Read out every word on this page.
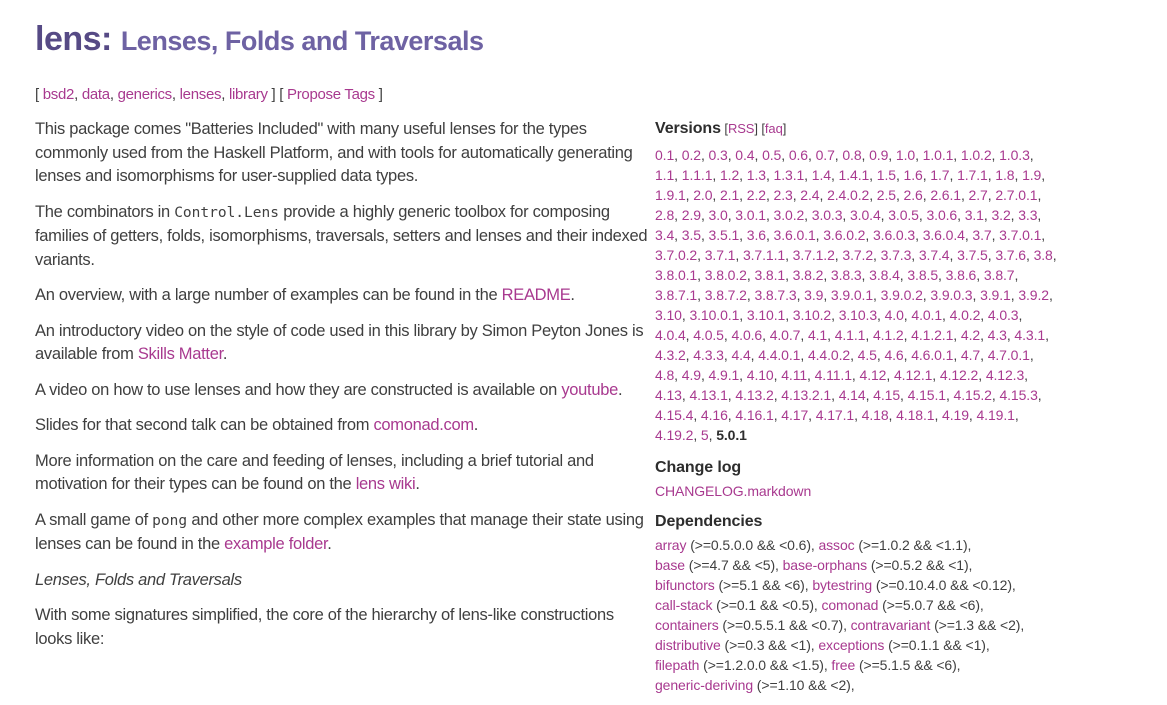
lens: Lenses, Folds and Traversals
[ bsd2, data, generics, lenses, library ] [ Propose Tags ]

This package comes "Batteries Included" with many useful lenses for the types commonly used from the Haskell Platform, and with tools for automatically generating lenses and isomorphisms for user-supplied data types.

The combinators in Control.Lens provide a highly generic toolbox for composing families of getters, folds, isomorphisms, traversals, setters and lenses and their indexed variants.

An overview, with a large number of examples can be found in the README.

An introductory video on the style of code used in this library by Simon Peyton Jones is available from Skills Matter.

A video on how to use lenses and how they are constructed is available on youtube.

Slides for that second talk can be obtained from comonad.com.

More information on the care and feeding of lenses, including a brief tutorial and motivation for their types can be found on the lens wiki.

A small game of pong and other more complex examples that manage their state using lenses can be found in the example folder.

Lenses, Folds and Traversals

With some signatures simplified, the core of the hierarchy of lens-like constructions looks like:

Versions [RSS] [faq]
0.1, 0.2, 0.3, 0.4, 0.5, 0.6, 0.7, 0.8, 0.9, 1.0, 1.0.1, 1.0.2, 1.0.3, 1.1, 1.1.1, 1.2, 1.3, 1.3.1, 1.4, 1.4.1, 1.5, 1.6, 1.7, 1.7.1, 1.8, 1.9, 1.9.1, 2.0, 2.1, 2.2, 2.3, 2.4, 2.4.0.2, 2.5, 2.6, 2.6.1, 2.7, 2.7.0.1, 2.8, 2.9, 3.0, 3.0.1, 3.0.2, 3.0.3, 3.0.4, 3.0.5, 3.0.6, 3.1, 3.2, 3.3, 3.4, 3.5, 3.5.1, 3.6, 3.6.0.1, 3.6.0.2, 3.6.0.3, 3.6.0.4, 3.7, 3.7.0.1, 3.7.0.2, 3.7.1, 3.7.1.1, 3.7.1.2, 3.7.2, 3.7.3, 3.7.4, 3.7.5, 3.7.6, 3.8, 3.8.0.1, 3.8.0.2, 3.8.1, 3.8.2, 3.8.3, 3.8.4, 3.8.5, 3.8.6, 3.8.7, 3.8.7.1, 3.8.7.2, 3.8.7.3, 3.9, 3.9.0.1, 3.9.0.2, 3.9.0.3, 3.9.1, 3.9.2, 3.10, 3.10.0.1, 3.10.1, 3.10.2, 3.10.3, 4.0, 4.0.1, 4.0.2, 4.0.3, 4.0.4, 4.0.5, 4.0.6, 4.0.7, 4.1, 4.1.1, 4.1.2, 4.1.2.1, 4.2, 4.3, 4.3.1, 4.3.2, 4.3.3, 4.4, 4.4.0.1, 4.4.0.2, 4.5, 4.6, 4.6.0.1, 4.7, 4.7.0.1, 4.8, 4.9, 4.9.1, 4.10, 4.11, 4.11.1, 4.12, 4.12.1, 4.12.2, 4.12.3, 4.13, 4.13.1, 4.13.2, 4.13.2.1, 4.14, 4.15, 4.15.1, 4.15.2, 4.15.3, 4.15.4, 4.16, 4.16.1, 4.17, 4.17.1, 4.18, 4.18.1, 4.19, 4.19.1, 4.19.2, 5, 5.0.1
Change log
CHANGELOG.markdown
Dependencies
array (>=0.5.0.0 && <0.6), assoc (>=1.0.2 && <1.1), base (>=4.7 && <5), base-orphans (>=0.5.2 && <1), bifunctors (>=5.1 && <6), bytestring (>=0.10.4.0 && <0.12), call-stack (>=0.1 && <0.5), comonad (>=5.0.7 && <6), containers (>=0.5.5.1 && <0.7), contravariant (>=1.3 && <2), distributive (>=0.3 && <1), exceptions (>=0.1.1 && <1), filepath (>=1.2.0.0 && <1.5), free (>=5.1.5 && <6), generic-deriving (>=1.10 && <2),
